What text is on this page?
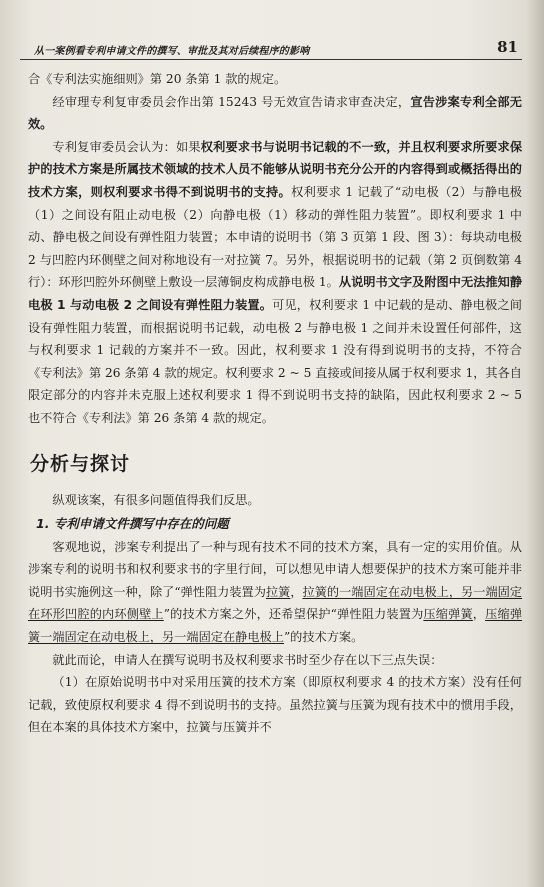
从一案例看专利申请文件的撰写、审批及其对后续程序的影响	81

合《专利法实施细则》第 20 条第 1 款的规定。

经审理专利复审委员会作出第 15243 号无效宣告请求审查决定，宣告涉案专利全部无效。

专利复审委员会认为：如果权利要求书与说明书记载的不一致，并且权利要求所要求保护的技术方案是所属技术领域的技术人员不能够从说明书充分公开的内容得到或概括得出的技术方案，则权利要求书得不到说明书的支持。权利要求 1 记载了“动电极（2）与静电极（1）之间设有阻止动电极（2）向静电极（1）移动的弹性阻力装置”。即权利要求 1 中动、静电极之间设有弹性阻力装置；本申请的说明书（第 3 页第 1 段、图 3）：每块动电极 2 与凹腔内环侧壁之间对称地设有一对拉簧 7。另外，根据说明书的记载（第 2 页倒数第 4 行）：环形凹腔外环侧壁上敷设一层薄铜皮构成静电极 1。从说明书文字及附图中无法推知静电极 1 与动电极 2 之间设有弹性阻力装置。可见，权利要求 1 中记载的是动、静电极之间设有弹性阻力装置，而根据说明书记载，动电极 2 与静电极 1 之间并未设置任何部件，这与权利要求 1 记载的方案并不一致。因此，权利要求 1 没有得到说明书的支持，不符合《专利法》第 26 条第 4 款的规定。权利要求 2 ~ 5 直接或间接从属于权利要求 1，其各自限定部分的内容并未克服上述权利要求 1 得不到说明书支持的缺陷，因此权利要求 2 ~ 5 也不符合《专利法》第 26 条第 4 款的规定。

分析与探讨

纵观该案，有很多问题值得我们反思。

1. 专利申请文件撰写中存在的问题

客观地说，涉案专利提出了一种与现有技术不同的技术方案，具有一定的实用价值。从涉案专利的说明书和权利要求书的字里行间，可以想见申请人想要保护的技术方案可能并非说明书实施例这一种，除了“弹性阻力装置为拉簧，拉簧的一端固定在动电极上，另一端固定在环形凹腔的内环侧壁上”的技术方案之外，还希望保护“弹性阻力装置为压缩弹簧，压缩弹簧一端固定在动电极上，另一端固定在静电极上”的技术方案。

就此而论，申请人在撰写说明书及权利要求书时至少存在以下三点失误：

（1）在原始说明书中对采用压簧的技术方案（即原权利要求 4 的技术方案）没有任何记载，致使原权利要求 4 得不到说明书的支持。虽然拉簧与压簧为现有技术中的惯用手段，但在本案的具体技术方案中，拉簧与压簧并不
